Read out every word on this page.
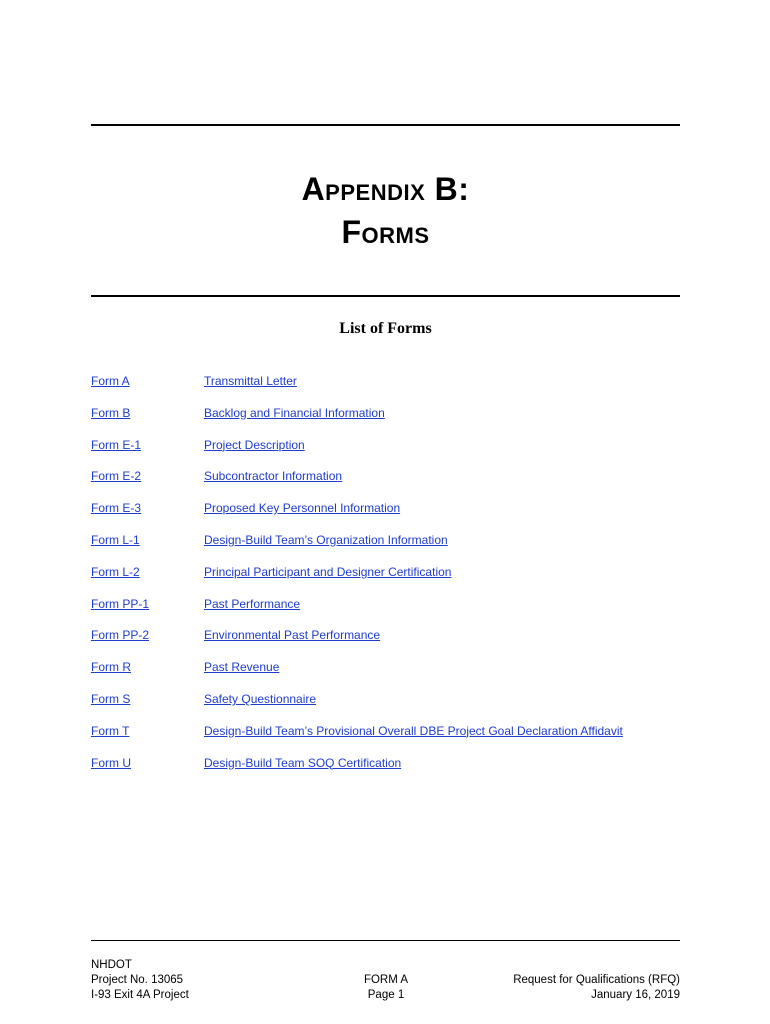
Appendix B:
Forms
List of Forms
Form A	Transmittal Letter
Form B	Backlog and Financial Information
Form E-1	Project Description
Form E-2	Subcontractor Information
Form E-3	Proposed Key Personnel Information
Form L-1	Design-Build Team’s Organization Information
Form L-2	Principal Participant and Designer Certification
Form PP-1	Past Performance
Form PP-2	Environmental Past Performance
Form R	Past Revenue
Form S	Safety Questionnaire
Form T	Design-Build Team’s Provisional Overall DBE Project Goal Declaration Affidavit
Form U	Design-Build Team SOQ Certification
NHDOT
Project No. 13065
I-93 Exit 4A Project
FORM A
Page 1
Request for Qualifications (RFQ)
January 16, 2019
